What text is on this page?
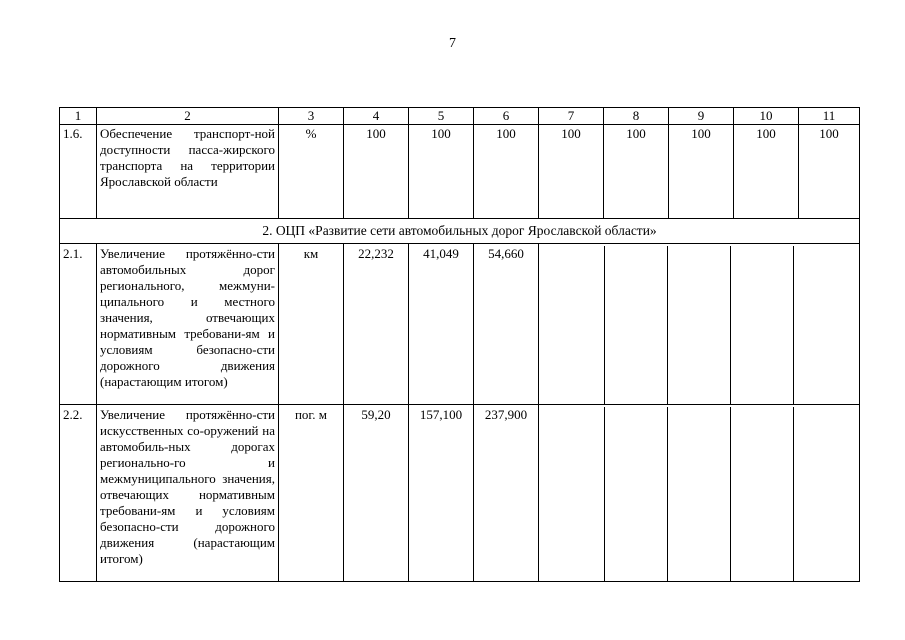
7
1	2	3	4	5	6	7	8	9	10	11
1.6.	Обеспечение транспорт-ной доступности пасса-жирского транспорта на территории Ярославской области	%	100	100	100	100	100	100	100	100
2. ОЦП «Развитие сети автомобильных дорог Ярославской области»
2.1.	Увеличение протяжённо-сти автомобильных дорог регионального, межмуни-ципального и местного значения, отвечающих нормативным требовани-ям и условиям безопасно-сти дорожного движения (нарастающим итогом)	км	22,232	41,049	54,660	

2.2.	Увеличение протяжённо-сти искусственных со-оружений на автомобиль-ных дорогах регионально-го и межмуниципального значения, отвечающих нормативным требовани-ям и условиям безопасно-сти дорожного движения (нарастающим итогом)	пог. м	59,20	157,100	237,900	
